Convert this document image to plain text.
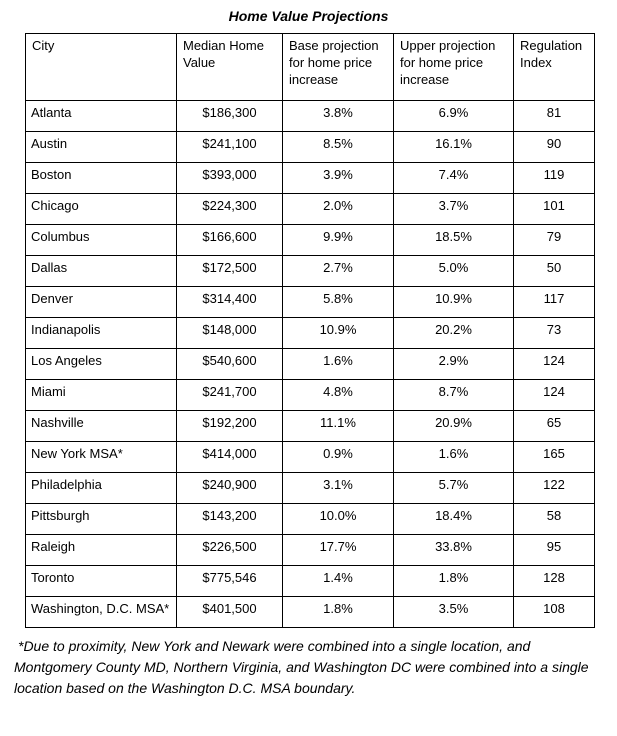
Home Value Projections
City	Median Home Value	Base projection for home price increase	Upper projection for home price increase	Regulation Index
Atlanta	$186,300	3.8%	6.9%	81
Austin	$241,100	8.5%	16.1%	90
Boston	$393,000	3.9%	7.4%	119
Chicago	$224,300	2.0%	3.7%	101
Columbus	$166,600	9.9%	18.5%	79
Dallas	$172,500	2.7%	5.0%	50
Denver	$314,400	5.8%	10.9%	117
Indianapolis	$148,000	10.9%	20.2%	73
Los Angeles	$540,600	1.6%	2.9%	124
Miami	$241,700	4.8%	8.7%	124
Nashville	$192,200	11.1%	20.9%	65
New York MSA*	$414,000	0.9%	1.6%	165
Philadelphia	$240,900	3.1%	5.7%	122
Pittsburgh	$143,200	10.0%	18.4%	58
Raleigh	$226,500	17.7%	33.8%	95
Toronto	$775,546	1.4%	1.8%	128
Washington, D.C. MSA*	$401,500	1.8%	3.5%	108
*Due to proximity, New York and Newark were combined into a single location, and
Montgomery County MD, Northern Virginia, and Washington DC were combined into a single
location based on the Washington D.C. MSA boundary.
